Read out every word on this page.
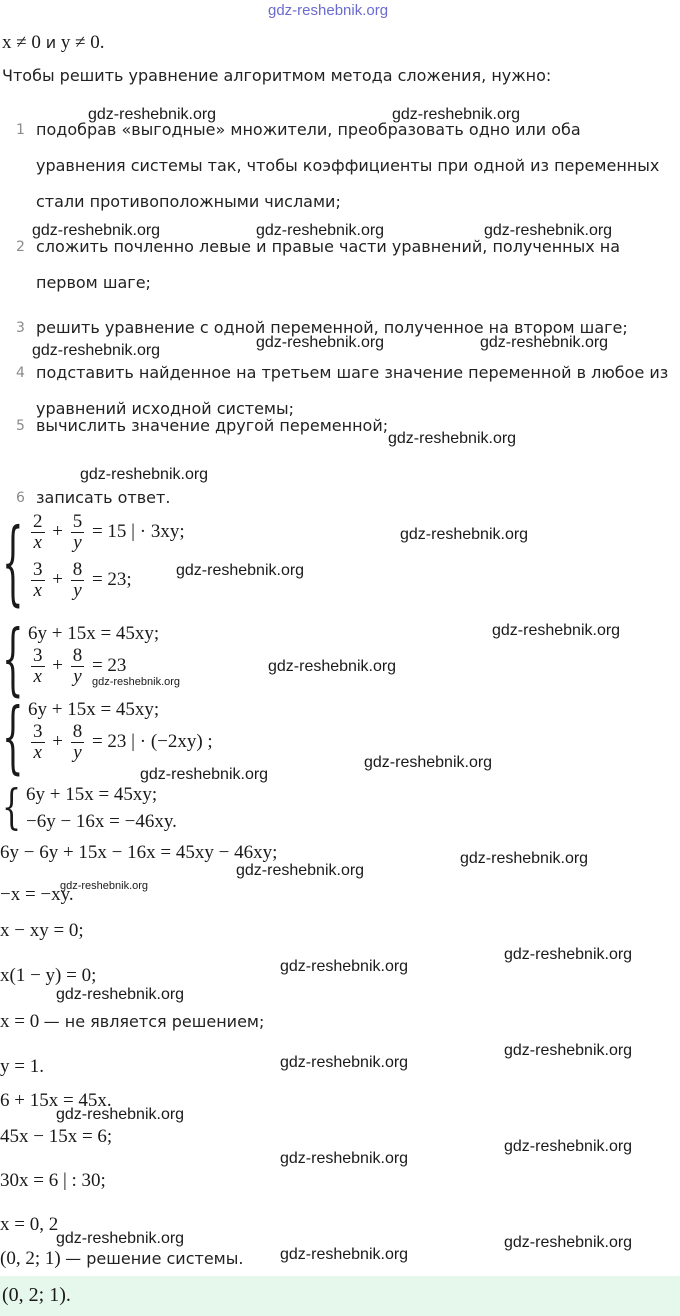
gdz-reshebnik.org
x ≠ 0 и y ≠ 0.
Чтобы решить уравнение алгоритмом метода сложения, нужно:
1 подобрав «выгодные» множители, преобразовать одно или оба
уравнения системы так, чтобы коэффициенты при одной из переменных
стали противоположными числами;
2 сложить почленно левые и правые части уравнений, полученных на
первом шаге;
3 решить уравнение с одной переменной, полученное на втором шаге;
4 подставить найденное на третьем шаге значение переменной в любое из
уравнений исходной системы;
5 вычислить значение другой переменной;
6 записать ответ.
{ $\frac{2}{x} + \frac{5}{y} = 15$ | · 3xy;
$\frac{3}{x} + \frac{8}{y} = 23$;
{ 6y + 15x = 45xy;
$\frac{3}{x} + \frac{8}{y} = 23$
{ 6y + 15x = 45xy;
$\frac{3}{x} + \frac{8}{y} = 23$ | · (−2xy) ;
{ 6y + 15x = 45xy;
−6y − 16x = −46xy.
6y − 6y + 15x − 16x = 45xy − 46xy;
−x = −xy.
x − xy = 0;
x(1 − y) = 0;
x = 0 — не является решением;
y = 1.
6 + 15x = 45x.
45x − 15x = 6;
30x = 6 | : 30;
x = 0, 2
(0, 2; 1) — решение системы.
(0, 2; 1).
gdz-reshebnik.org	gdz-reshebnik.org
gdz-reshebnik.org	gdz-reshebnik.org	gdz-reshebnik.org
gdz-reshebnik.org	gdz-reshebnik.org	gdz-reshebnik.org
gdz-reshebnik.org
gdz-reshebnik.org
gdz-reshebnik.org
gdz-reshebnik.org
gdz-reshebnik.org
gdz-reshebnik.org
gdz-reshebnik.org
gdz-reshebnik.org
gdz-reshebnik.org
gdz-reshebnik.org
gdz-reshebnik.org
gdz-reshebnik.org
gdz-reshebnik.org
gdz-reshebnik.org
gdz-reshebnik.org
gdz-reshebnik.org
gdz-reshebnik.org
gdz-reshebnik.org
gdz-reshebnik.org
gdz-reshebnik.org
gdz-reshebnik.org	gdz-reshebnik.org
gdz-reshebnik.org
